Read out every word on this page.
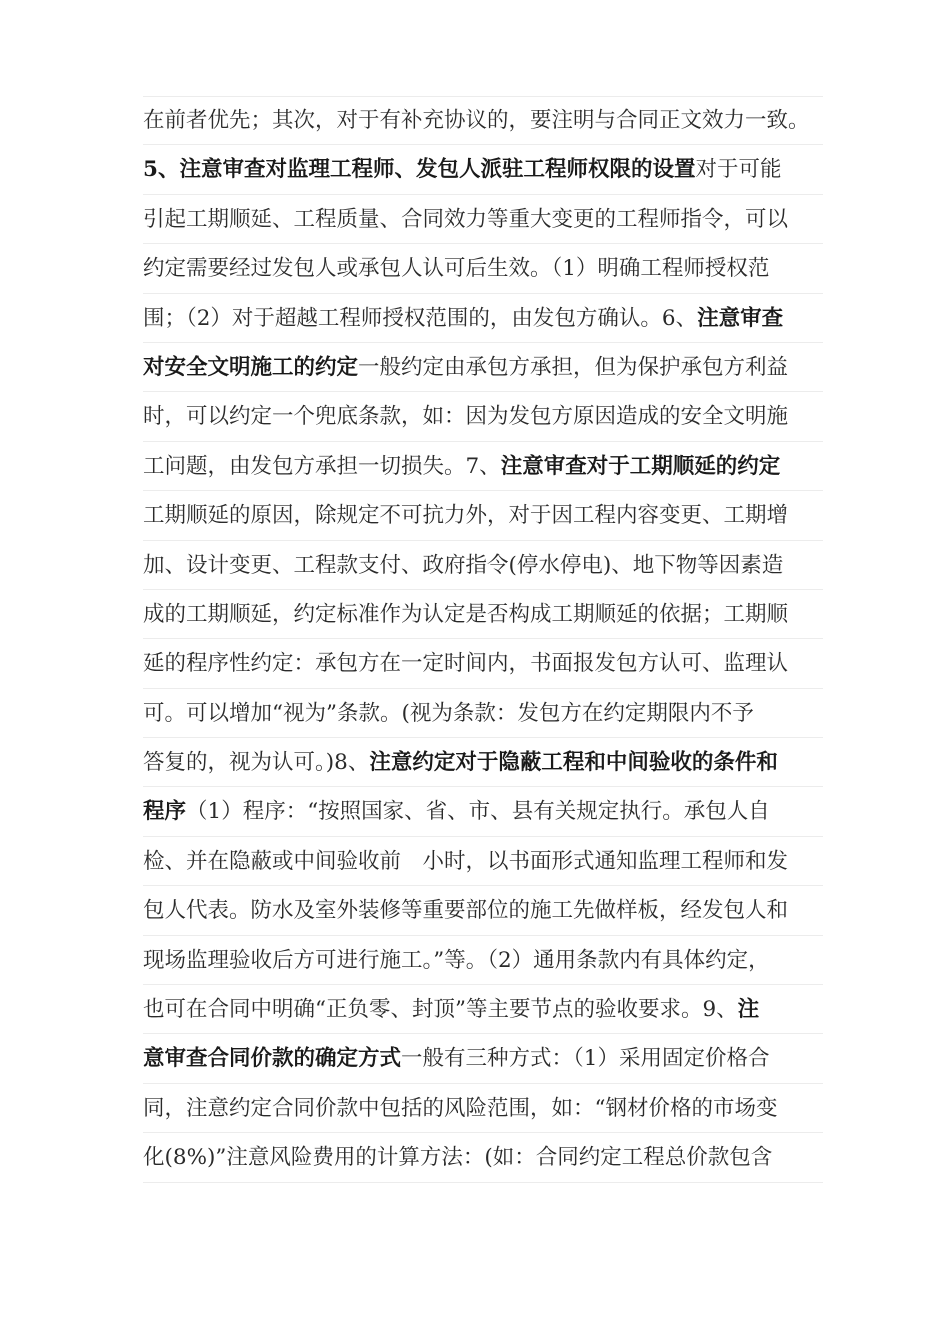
在前者优先；其次，对于有补充协议的，要注明与合同正文效力一致。
5、注意审查对监理工程师、发包人派驻工程师权限的设置对于可能
引起工期顺延、工程质量、合同效力等重大变更的工程师指令，可以
约定需要经过发包人或承包人认可后生效。（1）明确工程师授权范
围；（2）对于超越工程师授权范围的，由发包方确认。6、注意审查
对安全文明施工的约定一般约定由承包方承担，但为保护承包方利益
时，可以约定一个兜底条款，如：因为发包方原因造成的安全文明施
工问题，由发包方承担一切损失。7、注意审查对于工期顺延的约定
工期顺延的原因，除规定不可抗力外，对于因工程内容变更、工期增
加、设计变更、工程款支付、政府指令(停水停电)、地下物等因素造
成的工期顺延，约定标准作为认定是否构成工期顺延的依据；工期顺
延的程序性约定：承包方在一定时间内，书面报发包方认可、监理认
可。可以增加“视为”条款。(视为条款：发包方在约定期限内不予
答复的，视为认可。)8、注意约定对于隐蔽工程和中间验收的条件和
程序（1）程序：“按照国家、省、市、县有关规定执行。承包人自
检、并在隐蔽或中间验收前　小时，以书面形式通知监理工程师和发
包人代表。防水及室外装修等重要部位的施工先做样板，经发包人和
现场监理验收后方可进行施工。”等。（2）通用条款内有具体约定，
也可在合同中明确“正负零、封顶”等主要节点的验收要求。9、注
意审查合同价款的确定方式一般有三种方式：（1）采用固定价格合
同，注意约定合同价款中包括的风险范围，如：“钢材价格的市场变
化(8%)”注意风险费用的计算方法：(如：合同约定工程总价款包含
